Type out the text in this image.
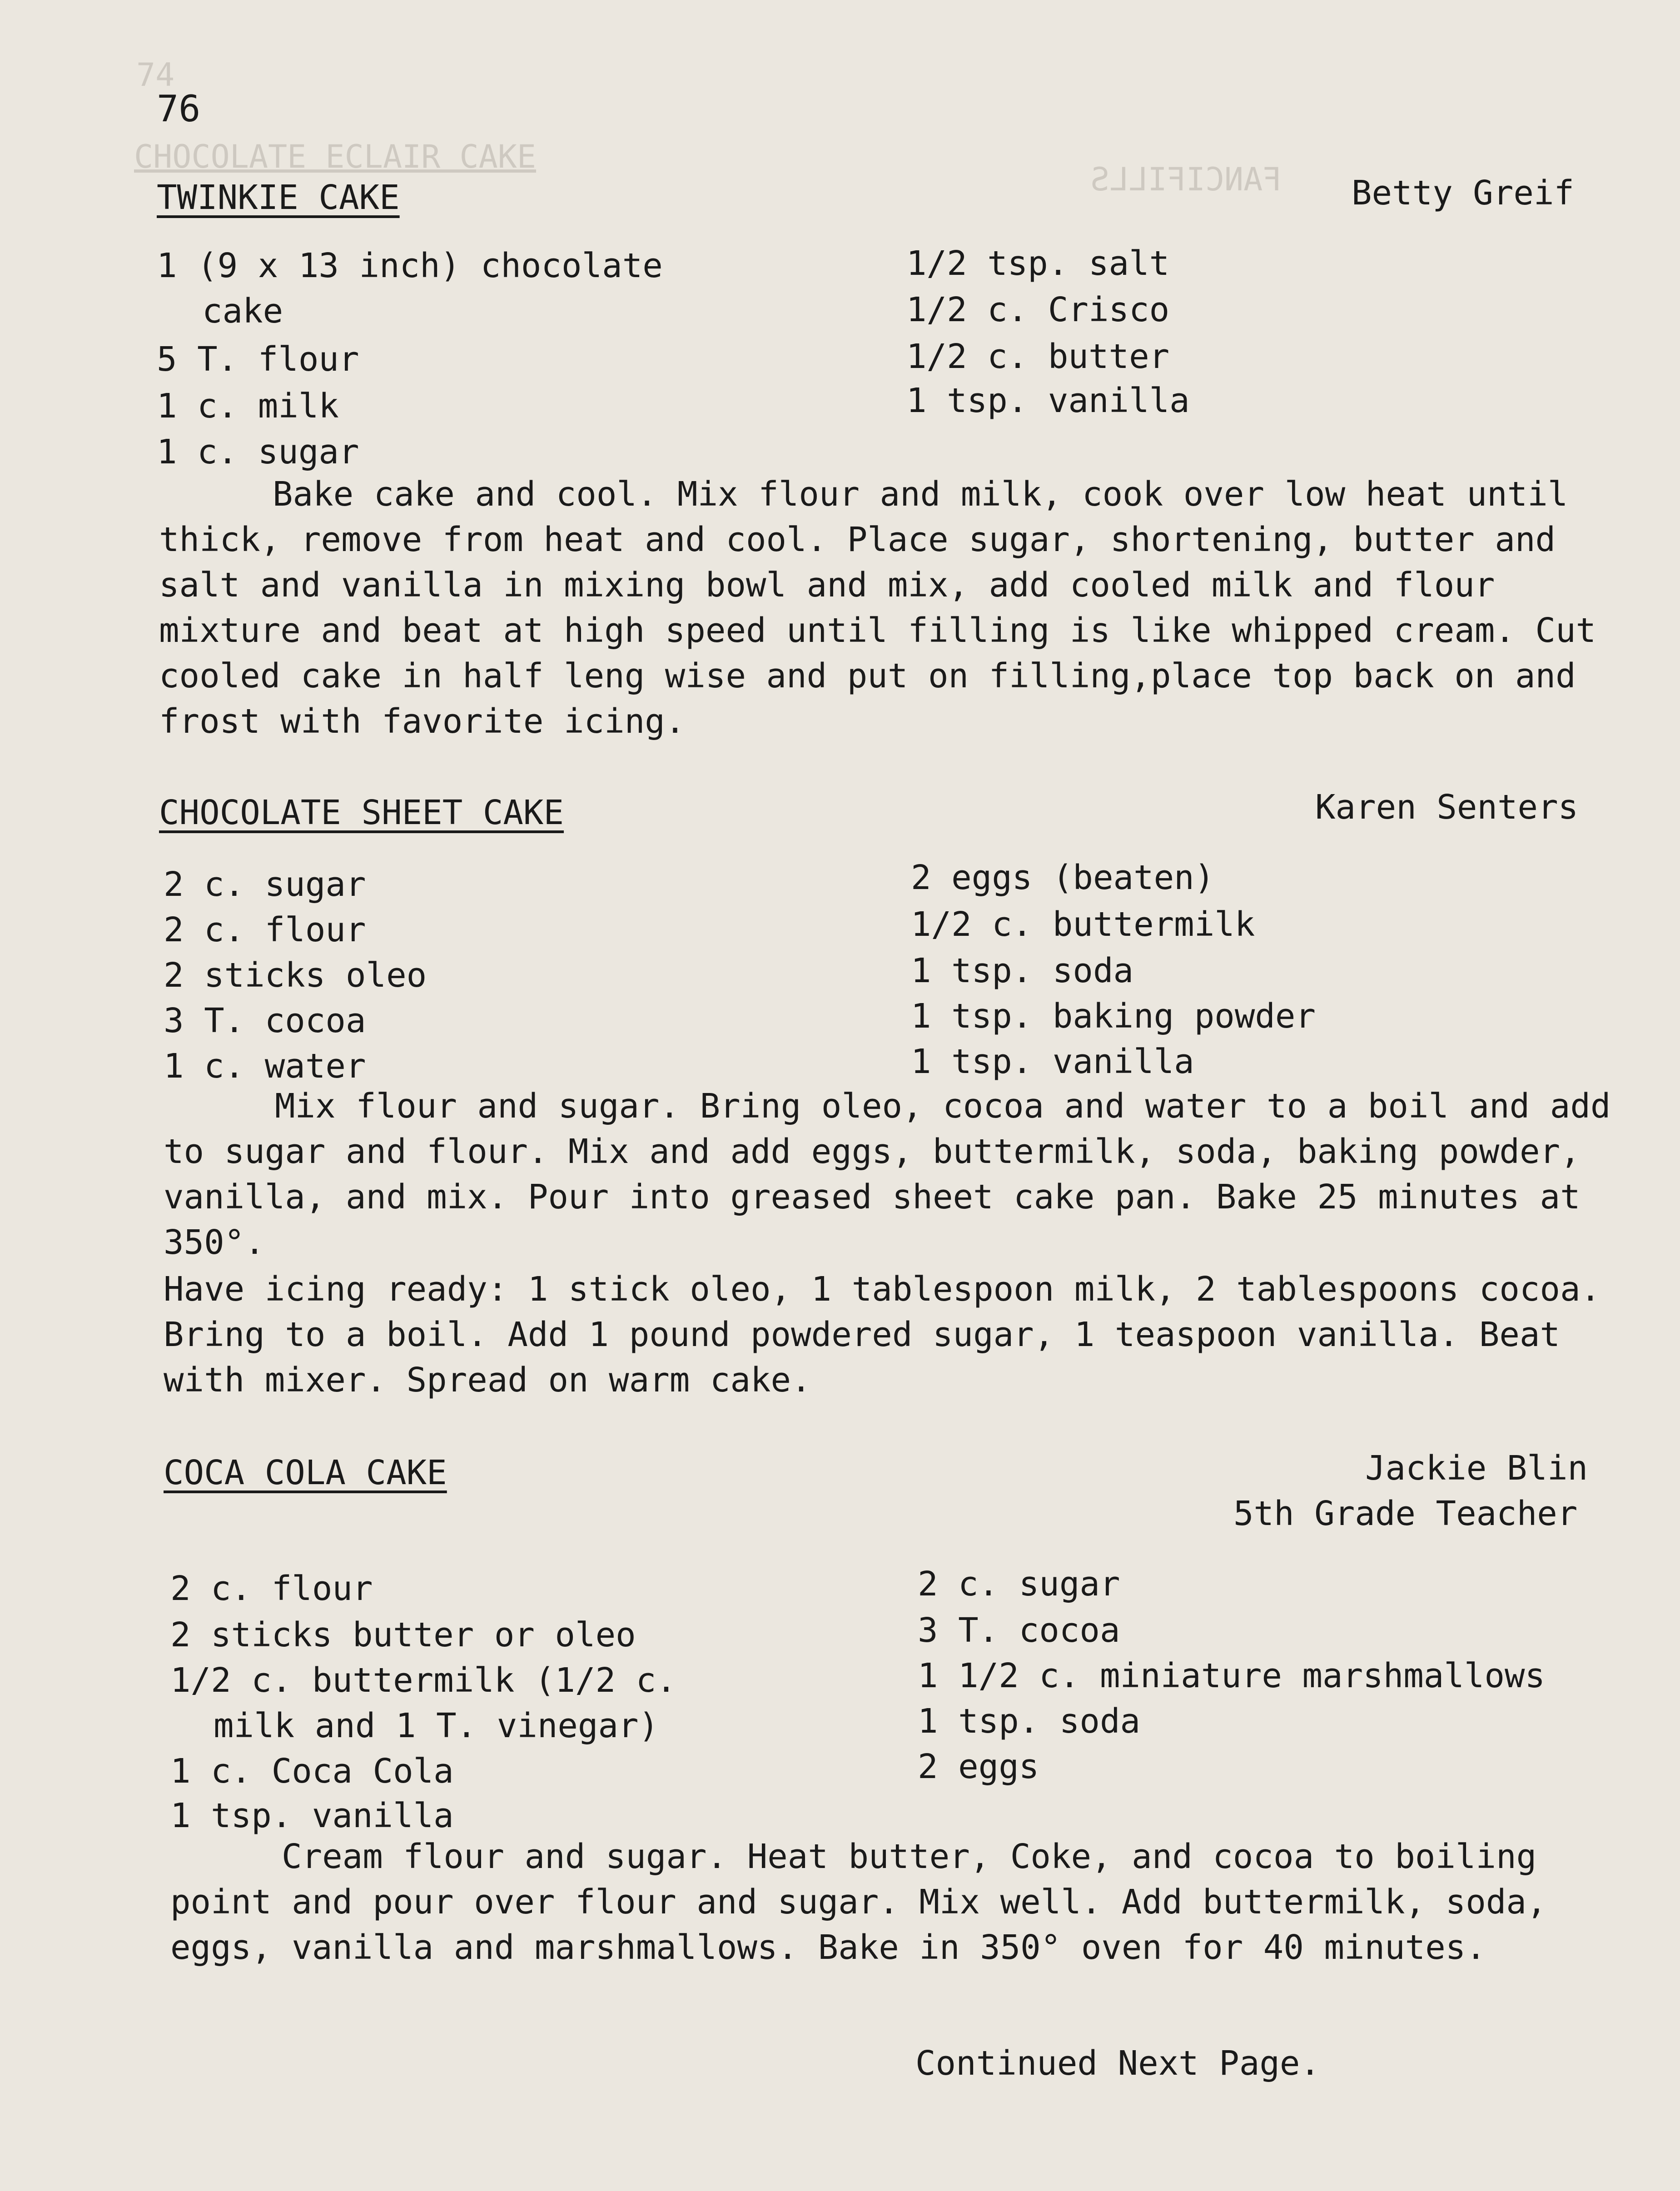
74
CHOCOLATE ECLAIR CAKE
FANCIFILLS
76
TWINKIE CAKE	Betty Greif
1 (9 x 13 inch) chocolate
cake
5 T. flour
1 c. milk
1 c. sugar
1/2 tsp. salt
1/2 c. Crisco
1/2 c. butter
1 tsp. vanilla
Bake cake and cool. Mix flour and milk, cook over low heat until thick, remove from heat and cool. Place sugar, shortening, butter and salt and vanilla in mixing bowl and mix, add cooled milk and flour mixture and beat at high speed until filling is like whipped cream. Cut cooled cake in half leng wise and put on filling,place top back on and frost with favorite icing.
CHOCOLATE SHEET CAKE	Karen Senters
2 c. sugar
2 c. flour
2 sticks oleo
3 T. cocoa
1 c. water
2 eggs (beaten)
1/2 c. buttermilk
1 tsp. soda
1 tsp. baking powder
1 tsp. vanilla
Mix flour and sugar. Bring oleo, cocoa and water to a boil and add to sugar and flour. Mix and add eggs, buttermilk, soda, baking powder, vanilla, and mix. Pour into greased sheet cake pan. Bake 25 minutes at 350°.
Have icing ready: 1 stick oleo, 1 tablespoon milk, 2 tablespoons cocoa. Bring to a boil. Add 1 pound powdered sugar, 1 teaspoon vanilla. Beat with mixer. Spread on warm cake.
COCA COLA CAKE	Jackie Blin
5th Grade Teacher
2 c. flour
2 sticks butter or oleo
1/2 c. buttermilk (1/2 c.
milk and 1 T. vinegar)
1 c. Coca Cola
1 tsp. vanilla
2 c. sugar
3 T. cocoa
1 1/2 c. miniature marshmallows
1 tsp. soda
2 eggs
Cream flour and sugar. Heat butter, Coke, and cocoa to boiling point and pour over flour and sugar. Mix well. Add buttermilk, soda, eggs, vanilla and marshmallows. Bake in 350° oven for 40 minutes.
Continued Next Page.
